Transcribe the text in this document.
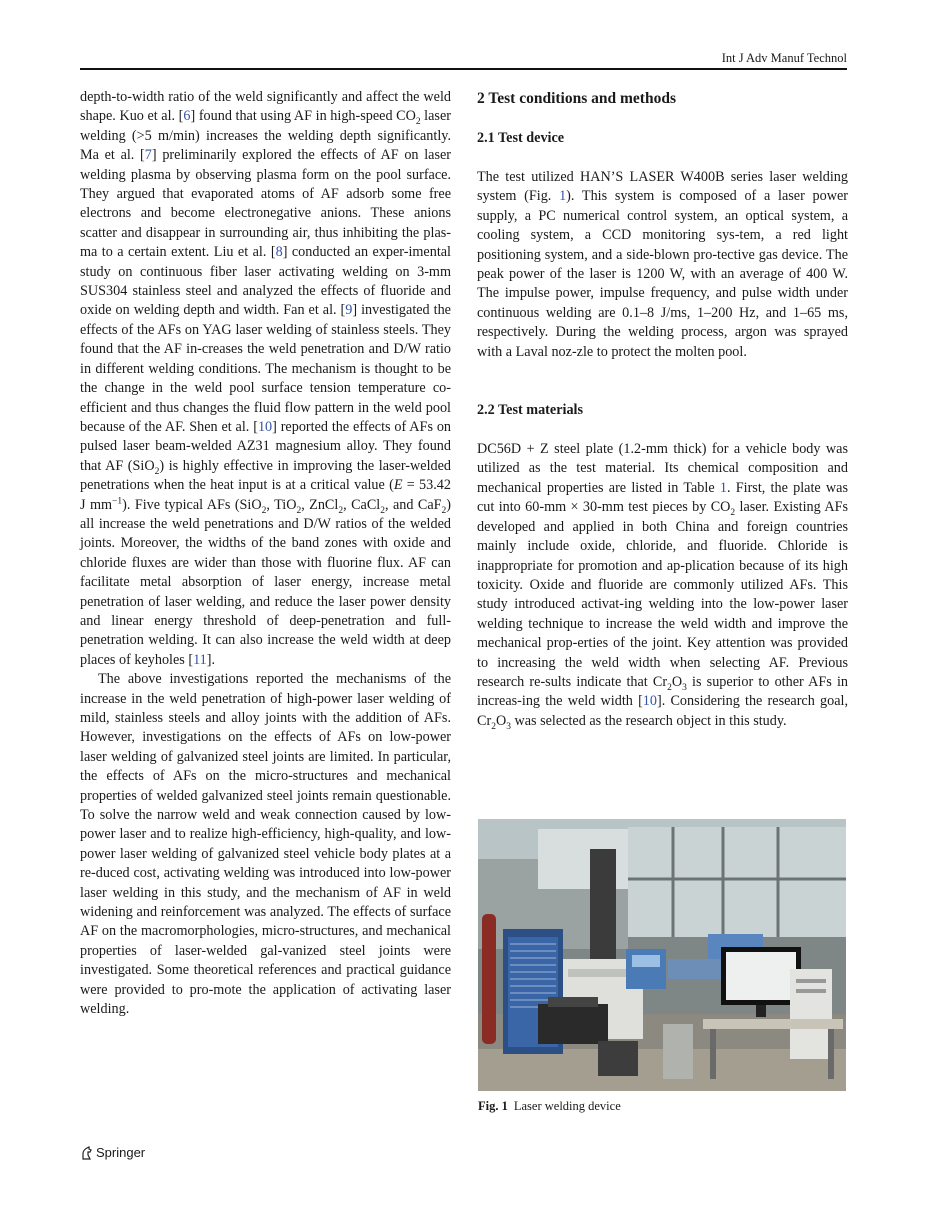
Int J Adv Manuf Technol

depth-to-width ratio of the weld significantly and affect the weld shape. Kuo et al. [6] found that using AF in high-speed $CO_2$ laser welding (>5 m/min) increases the welding depth significantly. Ma et al. [7] preliminarily explored the effects of AF on laser welding plasma by observing plasma form on the pool surface. They argued that evaporated atoms of AF adsorb some free electrons and become electronegative anions. These anions scatter and disappear in surrounding air, thus inhibiting the plas-ma to a certain extent. Liu et al. [8] conducted an exper-imental study on continuous fiber laser activating welding on 3-mm SUS304 stainless steel and analyzed the effects of fluoride and oxide on welding depth and width. Fan et al. [9] investigated the effects of the AFs on YAG laser welding of stainless steels. They found that the AF in-creases the weld penetration and D/W ratio in different welding conditions. The mechanism is thought to be the change in the weld pool surface tension temperature co-efficient and thus changes the fluid flow pattern in the weld pool because of the AF. Shen et al. [10] reported the effects of AFs on pulsed laser beam-welded AZ31 magnesium alloy. They found that AF (SiO$_2$) is highly effective in improving the laser-welded penetrations when the heat input is at a critical value (E = 53.42 J $mm^{-1}$). Five typical AFs (SiO$_2$, TiO$_2$, ZnCl$_2$, CaCl$_2$, and CaF$_2$) all increase the weld penetrations and D/W ratios of the welded joints. Moreover, the widths of the band zones with oxide and chloride fluxes are wider than those with fluorine flux. AF can facilitate metal absorption of laser energy, increase metal penetration of laser welding, and reduce the laser power density and linear energy threshold of deep-penetration and full-penetration welding. It can also increase the weld width at deep places of keyholes [11].

The above investigations reported the mechanisms of the increase in the weld penetration of high-power laser welding of mild, stainless steels and alloy joints with the addition of AFs. However, investigations on the effects of AFs on low-power laser welding of galvanized steel joints are limited. In particular, the effects of AFs on the micro-structures and mechanical properties of welded galvanized steel joints remain questionable. To solve the narrow weld and weak connection caused by low-power laser and to realize high-efficiency, high-quality, and low-power laser welding of galvanized steel vehicle body plates at a re-duced cost, activating welding was introduced into low-power laser welding in this study, and the mechanism of AF in weld widening and reinforcement was analyzed. The effects of surface AF on the macromorphologies, micro-structures, and mechanical properties of laser-welded gal-vanized steel joints were investigated. Some theoretical references and practical guidance were provided to pro-mote the application of activating laser welding.

2 Test conditions and methods
2.1 Test device

The test utilized HAN’S LASER W400B series laser welding system (Fig. 1). This system is composed of a laser power supply, a PC numerical control system, an optical system, a cooling system, a CCD monitoring sys-tem, a red light positioning system, and a side-blown pro-tective gas device. The peak power of the laser is 1200 W, with an average of 400 W. The impulse power, impulse frequency, and pulse width under continuous welding are 0.1–8 J/ms, 1–200 Hz, and 1–65 ms, respectively. During the welding process, argon was sprayed with a Laval noz-zle to protect the molten pool.

2.2 Test materials

DC56D + Z steel plate (1.2-mm thick) for a vehicle body was utilized as the test material. Its chemical composition and mechanical properties are listed in Table 1. First, the plate was cut into 60-mm × 30-mm test pieces by $CO_2$ laser. Existing AFs developed and applied in both China and foreign countries mainly include oxide, chloride, and fluoride. Chloride is inappropriate for promotion and ap-plication because of its high toxicity. Oxide and fluoride are commonly utilized AFs. This study introduced activat-ing welding into the low-power laser welding technique to increase the weld width and improve the mechanical prop-erties of the joint. Key attention was provided to increasing the weld width when selecting AF. Previous research re-sults indicate that $Cr_2O_3$ is superior to other AFs in increas-ing the weld width [10]. Considering the research goal, $Cr_2O_3$ was selected as the research object in this study.

Fig. 1 Laser welding device
Springer
